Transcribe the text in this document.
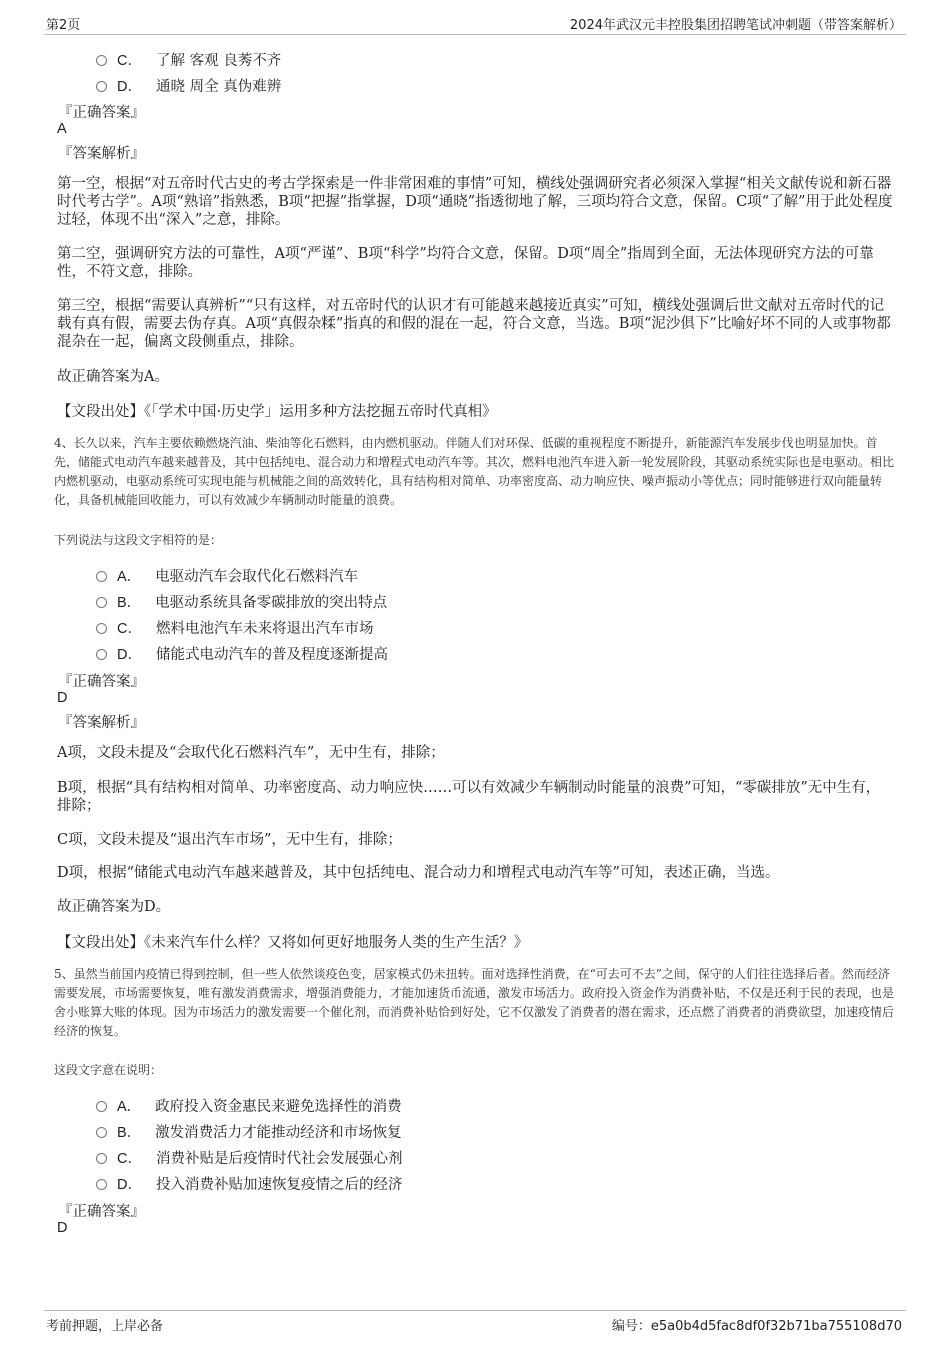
第2页	2024年武汉元丰控股集团招聘笔试冲刺题（带答案解析）
C． 了解 客观 良莠不齐
D． 通晓 周全 真伪难辨
『正确答案』
A
『答案解析』
第一空，根据“对五帝时代古史的考古学探索是一件非常困难的事情”可知，横线处强调研究者必须深入掌握“相关文献传说和新石器时代考古学”。A项“熟谙”指熟悉，B项“把握”指掌握，D项“通晓”指透彻地了解，三项均符合文意，保留。C项“了解”用于此处程度过轻，体现不出“深入”之意，排除。
第二空，强调研究方法的可靠性，A项“严谨”、B项“科学”均符合文意，保留。D项“周全”指周到全面，无法体现研究方法的可靠性，不符文意，排除。
第三空，根据“需要认真辨析”“只有这样，对五帝时代的认识才有可能越来越接近真实”可知，横线处强调后世文献对五帝时代的记载有真有假，需要去伪存真。A项“真假杂糅”指真的和假的混在一起，符合文意，当选。B项“泥沙俱下”比喻好坏不同的人或事物都混杂在一起，偏离文段侧重点，排除。
故正确答案为A。
【文段出处】《「学术中国·历史学」运用多种方法挖掘五帝时代真相》
4、长久以来，汽车主要依赖燃烧汽油、柴油等化石燃料，由内燃机驱动。伴随人们对环保、低碳的重视程度不断提升，新能源汽车发展步伐也明显加快。首先，储能式电动汽车越来越普及，其中包括纯电、混合动力和增程式电动汽车等。其次，燃料电池汽车进入新一轮发展阶段，其驱动系统实际也是电驱动。相比内燃机驱动，电驱动系统可实现电能与机械能之间的高效转化，具有结构相对简单、功率密度高、动力响应快、噪声振动小等优点；同时能够进行双向能量转化，具备机械能回收能力，可以有效减少车辆制动时能量的浪费。
下列说法与这段文字相符的是：
A． 电驱动汽车会取代化石燃料汽车
B． 电驱动系统具备零碳排放的突出特点
C． 燃料电池汽车未来将退出汽车市场
D． 储能式电动汽车的普及程度逐渐提高
『正确答案』
D
『答案解析』
A项，文段未提及“会取代化石燃料汽车”，无中生有，排除；
B项，根据“具有结构相对简单、功率密度高、动力响应快……可以有效减少车辆制动时能量的浪费”可知，“零碳排放”无中生有，排除；
C项，文段未提及“退出汽车市场”，无中生有，排除；
D项，根据“储能式电动汽车越来越普及，其中包括纯电、混合动力和增程式电动汽车等”可知，表述正确，当选。
故正确答案为D。
【文段出处】《未来汽车什么样？又将如何更好地服务人类的生产生活？》
5、虽然当前国内疫情已得到控制，但一些人依然谈疫色变，居家模式仍未扭转。面对选择性消费，在“可去可不去”之间，保守的人们往往选择后者。然而经济需要发展，市场需要恢复，唯有激发消费需求，增强消费能力，才能加速货币流通，激发市场活力。政府投入资金作为消费补贴，不仅是还利于民的表现，也是舍小账算大账的体现。因为市场活力的激发需要一个催化剂，而消费补贴恰到好处，它不仅激发了消费者的潜在需求，还点燃了消费者的消费欲望，加速疫情后经济的恢复。
这段文字意在说明：
A． 政府投入资金惠民来避免选择性的消费
B． 激发消费活力才能推动经济和市场恢复
C． 消费补贴是后疫情时代社会发展强心剂
D． 投入消费补贴加速恢复疫情之后的经济
『正确答案』
D
考前押题，上岸必备	编号：e5a0b4d5fac8df0f32b71ba755108d70
